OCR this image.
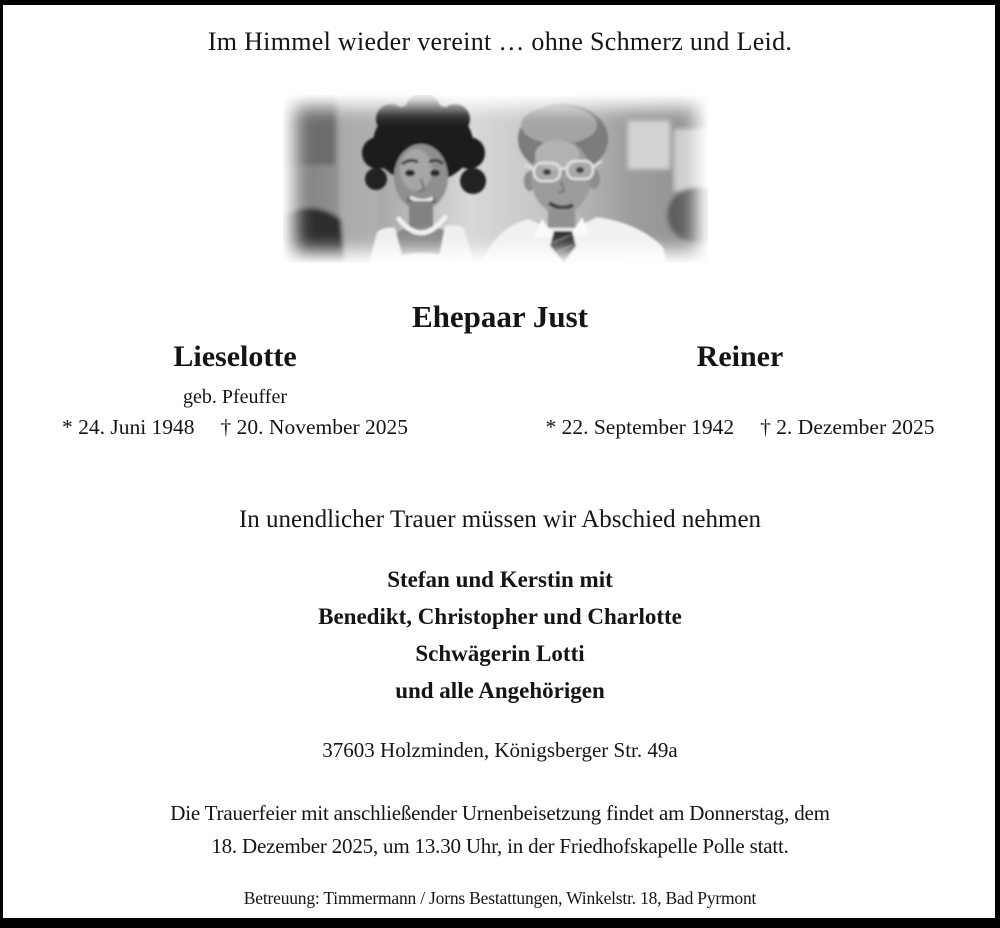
Im Himmel wieder vereint … ohne Schmerz und Leid.
Ehepaar Just
Lieselotte
geb. Pfeuffer
* 24. Juni 1948 † 20. November 2025
Reiner
* 22. September 1942 † 2. Dezember 2025
In unendlicher Trauer müssen wir Abschied nehmen
Stefan und Kerstin mit
Benedikt, Christopher und Charlotte
Schwägerin Lotti
und alle Angehörigen
37603 Holzminden, Königsberger Str. 49a
Die Trauerfeier mit anschließender Urnenbeisetzung findet am Donnerstag, dem
18. Dezember 2025, um 13.30 Uhr, in der Friedhofskapelle Polle statt.
Betreuung: Timmermann / Jorns Bestattungen, Winkelstr. 18, Bad Pyrmont
